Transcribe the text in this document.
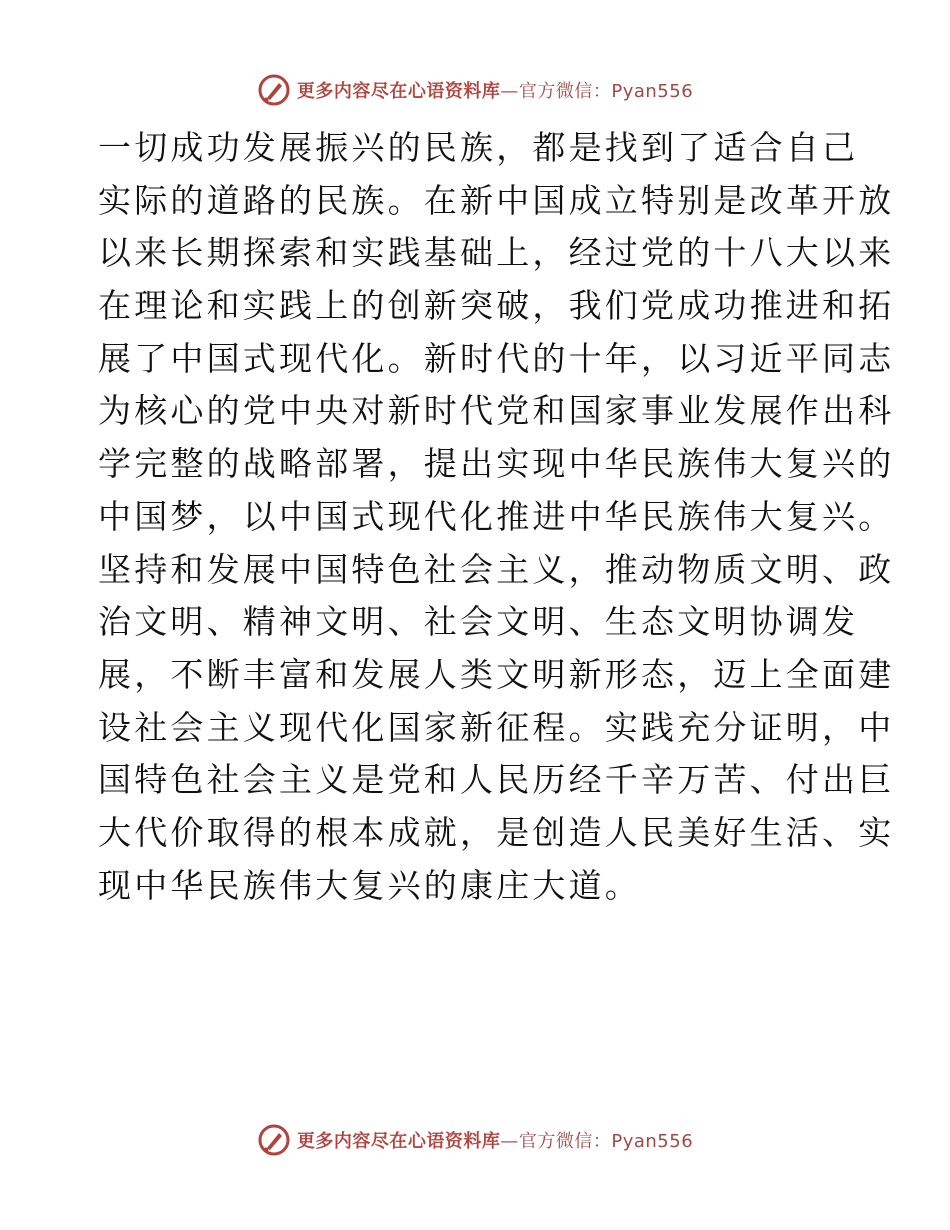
更多内容尽在心语资料库—官方微信：Pyan556
一切成功发展振兴的民族，都是找到了适合自己
实际的道路的民族。在新中国成立特别是改革开放
以来长期探索和实践基础上，经过党的十八大以来
在理论和实践上的创新突破，我们党成功推进和拓
展了中国式现代化。新时代的十年，以习近平同志
为核心的党中央对新时代党和国家事业发展作出科
学完整的战略部署，提出实现中华民族伟大复兴的
中国梦，以中国式现代化推进中华民族伟大复兴。
坚持和发展中国特色社会主义，推动物质文明、政
治文明、精神文明、社会文明、生态文明协调发
展，不断丰富和发展人类文明新形态，迈上全面建
设社会主义现代化国家新征程。实践充分证明，中
国特色社会主义是党和人民历经千辛万苦、付出巨
大代价取得的根本成就，是创造人民美好生活、实
现中华民族伟大复兴的康庄大道。
更多内容尽在心语资料库—官方微信：Pyan556
